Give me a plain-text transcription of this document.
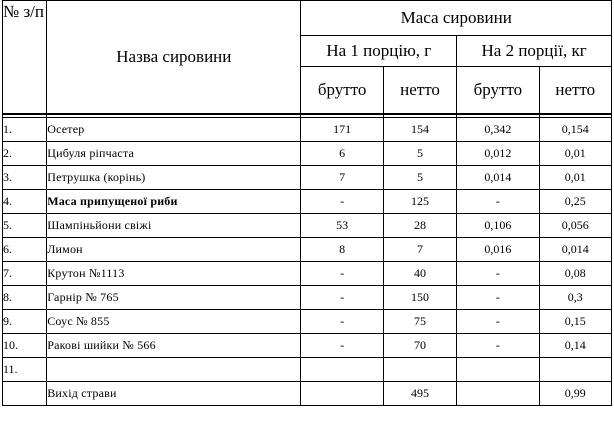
№ з/п	Назва сировини	Маса сировини			
		На 1 порцію, г		На 2 порції, кг	
		брутто	нетто	брутто	нетто

1.	Осетер	171	154	0,342	0,154
2.	Цибуля ріпчаста	6	5	0,012	0,01
3.	Петрушка (корінь)	7	5	0,014	0,01
4.	Маса припущеної риби	-	125	-	0,25
5.	Шампіньйони свіжі	53	28	0,106	0,056
6.	Лимон	8	7	0,016	0,014
7.	Крутон №1113	-	40	-	0,08
8.	Гарнір № 765	-	150	-	0,3
9.	Соус № 855	-	75	-	0,15
10.	Ракові шийки № 566	-	70	-	0,14
11.					
	Вихід страви		495		0,99
